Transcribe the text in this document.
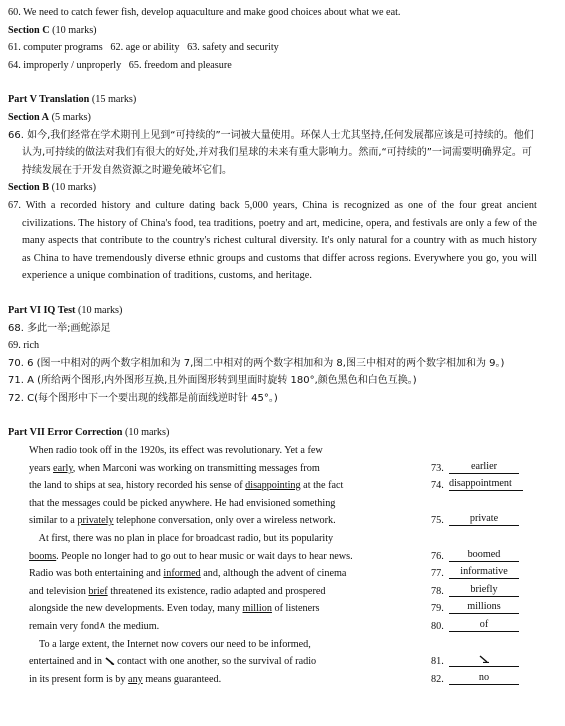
60. We need to catch fewer fish, develop aquaculture and make good choices about what we eat.
Section C (10 marks)
61. computer programs   62. age or ability   63. safety and security
64. improperly / unproperly   65. freedom and pleasure
Part V Translation (15 marks)
Section A (5 marks)
66. 如今,我们经常在学术期刊上见到“可持续的”一词被大量使用。环保人士尤其坚持,任何发展都应该是可持续的。他们认为,可持续的做法对我们有很大的好处,并对我们星球的未来有重大影响力。然而,“可持续的”一词需要明确界定。可持续发展在于开发自然资源之时避免破坏它们。
Section B (10 marks)
67. With a recorded history and culture dating back 5,000 years, China is recognized as one of the four great ancient civilizations. The history of China's food, tea traditions, poetry and art, medicine, opera, and festivals are only a few of the many aspects that contribute to the country's richest cultural diversity. It's only natural for a country with as much history as China to have tremendously diverse ethnic groups and customs that differ across regions. Everywhere you go, you will experience a unique combination of traditions, customs, and heritage.
Part VI IQ Test (10 marks)
68. 多此一举;画蛇添足
69. rich
70. 6 (图一中相对的两个数字相加和为 7,图二中相对的两个数字相加和为 8,图三中相对的两个数字相加和为 9。)
71. A (所给两个图形,内外图形互换,且外面图形转到里面时旋转 180°,颜色黑色和白色互换。)
72. C(每个图形中下一个要出现的线都是前面线逆时针 45°。)
Part VII Error Correction (10 marks)
When radio took off in the 1920s, its effect was revolutionary. Yet a few
years early, when Marconi was working on transmitting messages from	73.	earlier
the land to ships at sea, history recorded his sense of disappointing at the fact	74. disappointment
that the messages could be picked anywhere. He had envisioned something
similar to a privately telephone conversation, only over a wireless network.	75.	private
At first, there was no plan in place for broadcast radio, but its popularity
booms. People no longer had to go out to hear music or wait days to hear news.	76.	boomed
Radio was both entertaining and informed and, although the advent of cinema	77.	informative
and television brief threatened its existence, radio adapted and prospered	78.	briefly
alongside the new developments. Even today, many million of listeners	79.	millions
remain very fond∧ the medium.	80.	of
To a large extent, the Internet now covers our need to be informed,
entertained and in  contact with one another, so the survival of radio	81.
in its present form is by any means guaranteed.	82.	no
